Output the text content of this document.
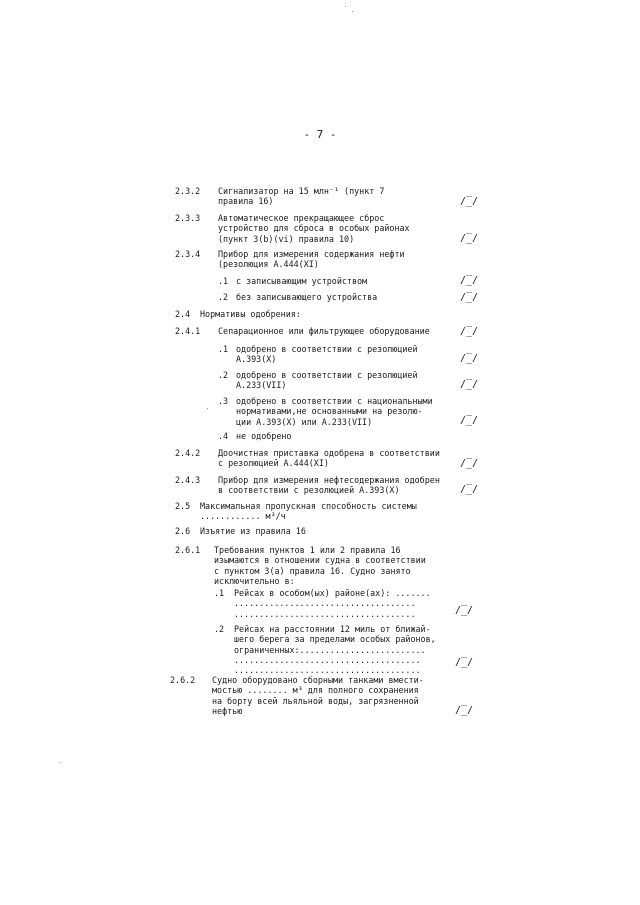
- 7 -
2.3.2 Сигнализатор на 15 млн⁻¹ (пункт 7
правила 16)	/̅_/
2.3.3 Автоматическое прекращающее сброс
устройство для сброса в особых районах
(пункт 3(b)(vi) правила 10)	/̅_/
2.3.4 Прибор для измерения содержания нефти
(резолюция А.444(XI)
.1 с записывающим устройством	/̅_/
.2 без записывающего устройства	/̅_/
2.4 Нормативы одобрения:
2.4.1 Сепарационное или фильтрующее оборудование	/̅_/
.1 одобрено в соответствии с резолюцией
А.393(X)	/̅_/
.2 одобрено в соответствии с резолюцией
А.233(VII)	/̅_/
.3 одобрено в соответствии с национальными
нормативами,не основанными на резолю-
ции А.393(X) или А.233(VII)	/̅_/
.4 не одобрено
2.4.2 Доочистная приставка одобрена в соответствии
с резолюцией А.444(XI)	/̅_/
2.4.3 Прибор для измерения нефтесодержания одобрен
в соответствии с резолюцией А.393(X)	/̅_/
2.5 Максимальная пропускная способность системы
............ м³/ч
2.6 Изъятие из правила 16
2.6.1 Требования пунктов 1 или 2 правила 16
изымаются в отношении судна в соответствии
с пунктом 3(a) правила 16. Судно занято
исключительно в:
.1 Рейсах в особом(ых) районе(ах): .......
....................................
....................................	/̅_/
.2 Рейсах на расстоянии 12 миль от ближай-
шего берега за пределами особых районов,
ограниченных:.........................
.....................................
.....................................
/̅_/
2.6.2 Судно оборудовано сборными танками вмести-
мостью ........ м³ для полного сохранения
на борту всей льяльной воды, загрязненной
нефтью	/̅_/
